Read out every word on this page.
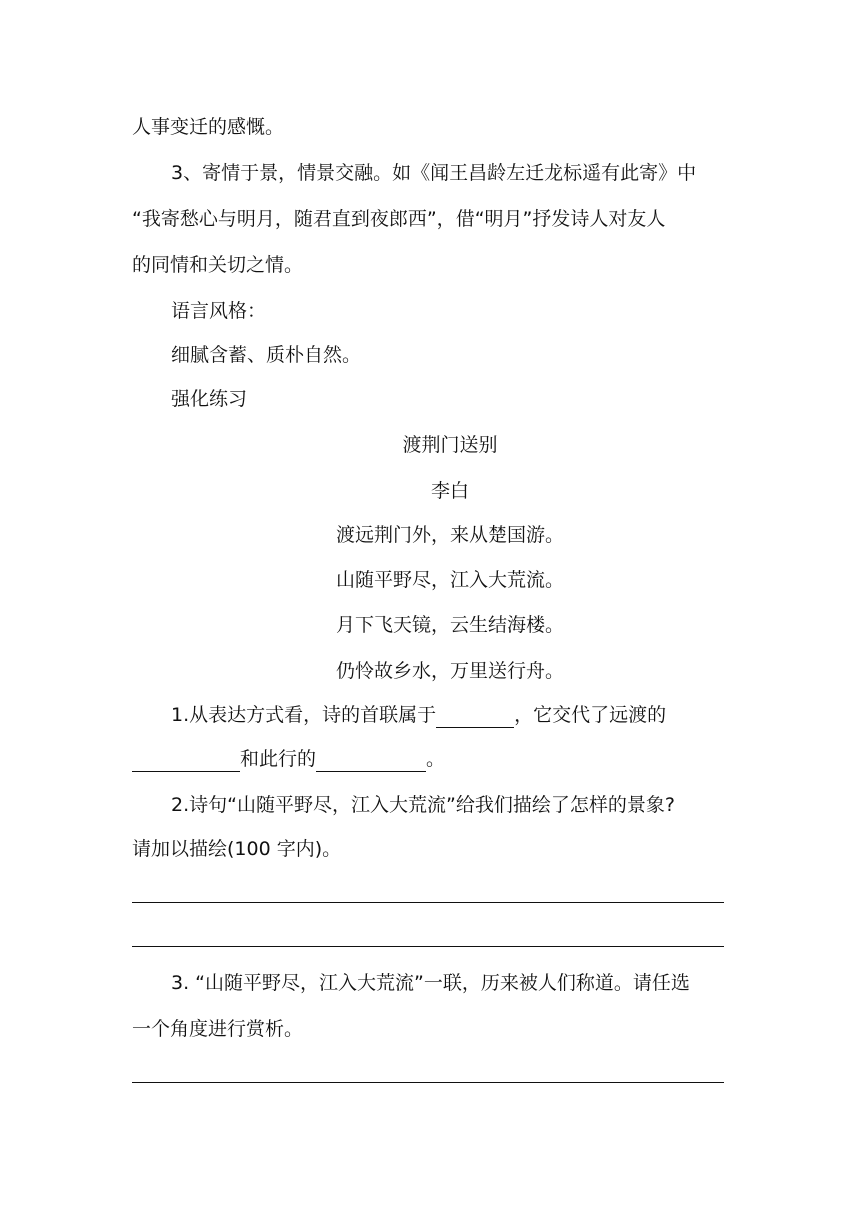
人事变迁的感慨。
3、寄情于景，情景交融。如《闻王昌龄左迁龙标遥有此寄》中
“我寄愁心与明月，随君直到夜郎西”，借“明月”抒发诗人对友人
的同情和关切之情。
语言风格：
细腻含蓄、质朴自然。
强化练习
渡荆门送别
李白
渡远荆门外，来从楚国游。
山随平野尽，江入大荒流。
月下飞天镜，云生结海楼。
仍怜故乡水，万里送行舟。
1.从表达方式看，诗的首联属于	，它交代了远渡的
和此行的	。
2.诗句“山随平野尽，江入大荒流”给我们描绘了怎样的景象?
请加以描绘(100 字内)。
3. “山随平野尽，江入大荒流”一联，历来被人们称道。请任选
一个角度进行赏析。
